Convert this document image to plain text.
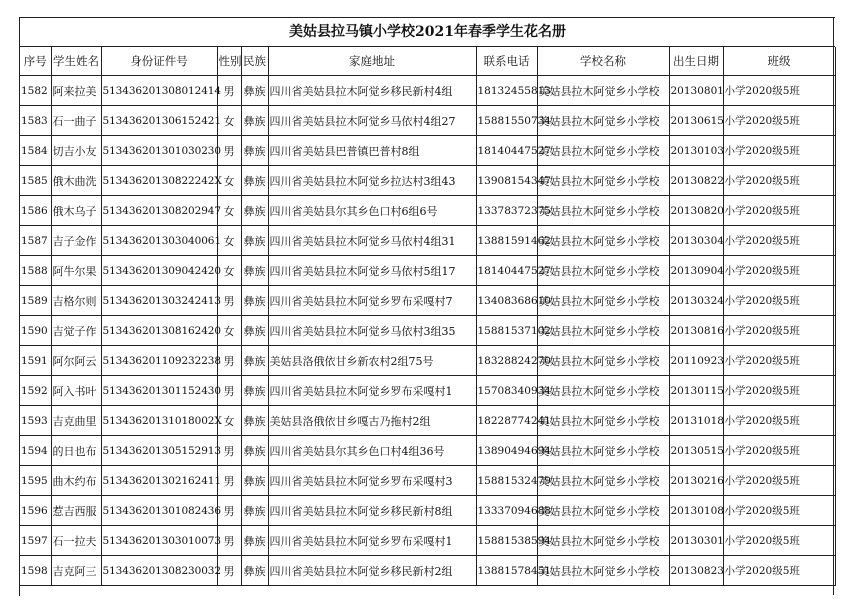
美姑县拉马镇小学校2021年春季学生花名册
序号	学生姓名	身份证件号	性别	民族	家庭地址	联系电话	学校名称	出生日期	班级
1582	阿来拉美	513436201308012414	男	彝族	四川省美姑县拉木阿觉乡移民新村4组	18132455813	美姑县拉木阿觉乡小学校	20130801	小学2020级5班
1583	石一曲子	513436201306152421	女	彝族	四川省美姑县拉木阿觉乡马依村4组27	15881550734	美姑县拉木阿觉乡小学校	20130615	小学2020级5班
1584	切吉小友	513436201301030230	男	彝族	四川省美姑县巴普镇巴普村8组	18140447527	美姑县拉木阿觉乡小学校	20130103	小学2020级5班
1585	俄木曲洗	51343620130822242X	女	彝族	四川省美姑县拉木阿觉乡拉达村3组43	13908154347	美姑县拉木阿觉乡小学校	20130822	小学2020级5班
1586	俄木乌子	513436201308202947	女	彝族	四川省美姑县尔其乡色口村6组6号	13378372375	美姑县拉木阿觉乡小学校	20130820	小学2020级5班
1587	吉子金作	513436201303040061	女	彝族	四川省美姑县拉木阿觉乡马依村4组31	13881591462	美姑县拉木阿觉乡小学校	20130304	小学2020级5班
1588	阿牛尔果	513436201309042420	女	彝族	四川省美姑县拉木阿觉乡马依村5组17	18140447527	美姑县拉木阿觉乡小学校	20130904	小学2020级5班
1589	吉格尔则	513436201303242413	男	彝族	四川省美姑县拉木阿觉乡罗布采嘎村7	13408368610	美姑县拉木阿觉乡小学校	20130324	小学2020级5班
1590	吉觉子作	513436201308162420	女	彝族	四川省美姑县拉木阿觉乡马依村3组35	15881537102	美姑县拉木阿觉乡小学校	20130816	小学2020级5班
1591	阿尔阿云	513436201109232238	男	彝族	美姑县洛俄依甘乡新农村2组75号	18328824270	美姑县拉木阿觉乡小学校	20110923	小学2020级5班
1592	阿入书叶	513436201301152430	男	彝族	四川省美姑县拉木阿觉乡罗布采嘎村1	15708340934	美姑县拉木阿觉乡小学校	20130115	小学2020级5班
1593	吉克曲里	51343620131018002X	女	彝族	美姑县洛俄依甘乡嘎古乃拖村2组	18228774241	美姑县拉木阿觉乡小学校	20131018	小学2020级5班
1594	的日也布	513436201305152913	男	彝族	四川省美姑县尔其乡色口村4组36号	13890494694	美姑县拉木阿觉乡小学校	20130515	小学2020级5班
1595	曲木约布	513436201302162411	男	彝族	四川省美姑县拉木阿觉乡罗布采嘎村3	15881532479	美姑县拉木阿觉乡小学校	20130216	小学2020级5班
1596	惹吉西服	513436201301082436	男	彝族	四川省美姑县拉木阿觉乡移民新村8组	13337094688	美姑县拉木阿觉乡小学校	20130108	小学2020级5班
1597	石一拉夫	513436201303010073	男	彝族	四川省美姑县拉木阿觉乡罗布采嘎村1	15881538594	美姑县拉木阿觉乡小学校	20130301	小学2020级5班
1598	吉克阿三	513436201308230032	男	彝族	四川省美姑县拉木阿觉乡移民新村2组	13881578451	美姑县拉木阿觉乡小学校	20130823	小学2020级5班
